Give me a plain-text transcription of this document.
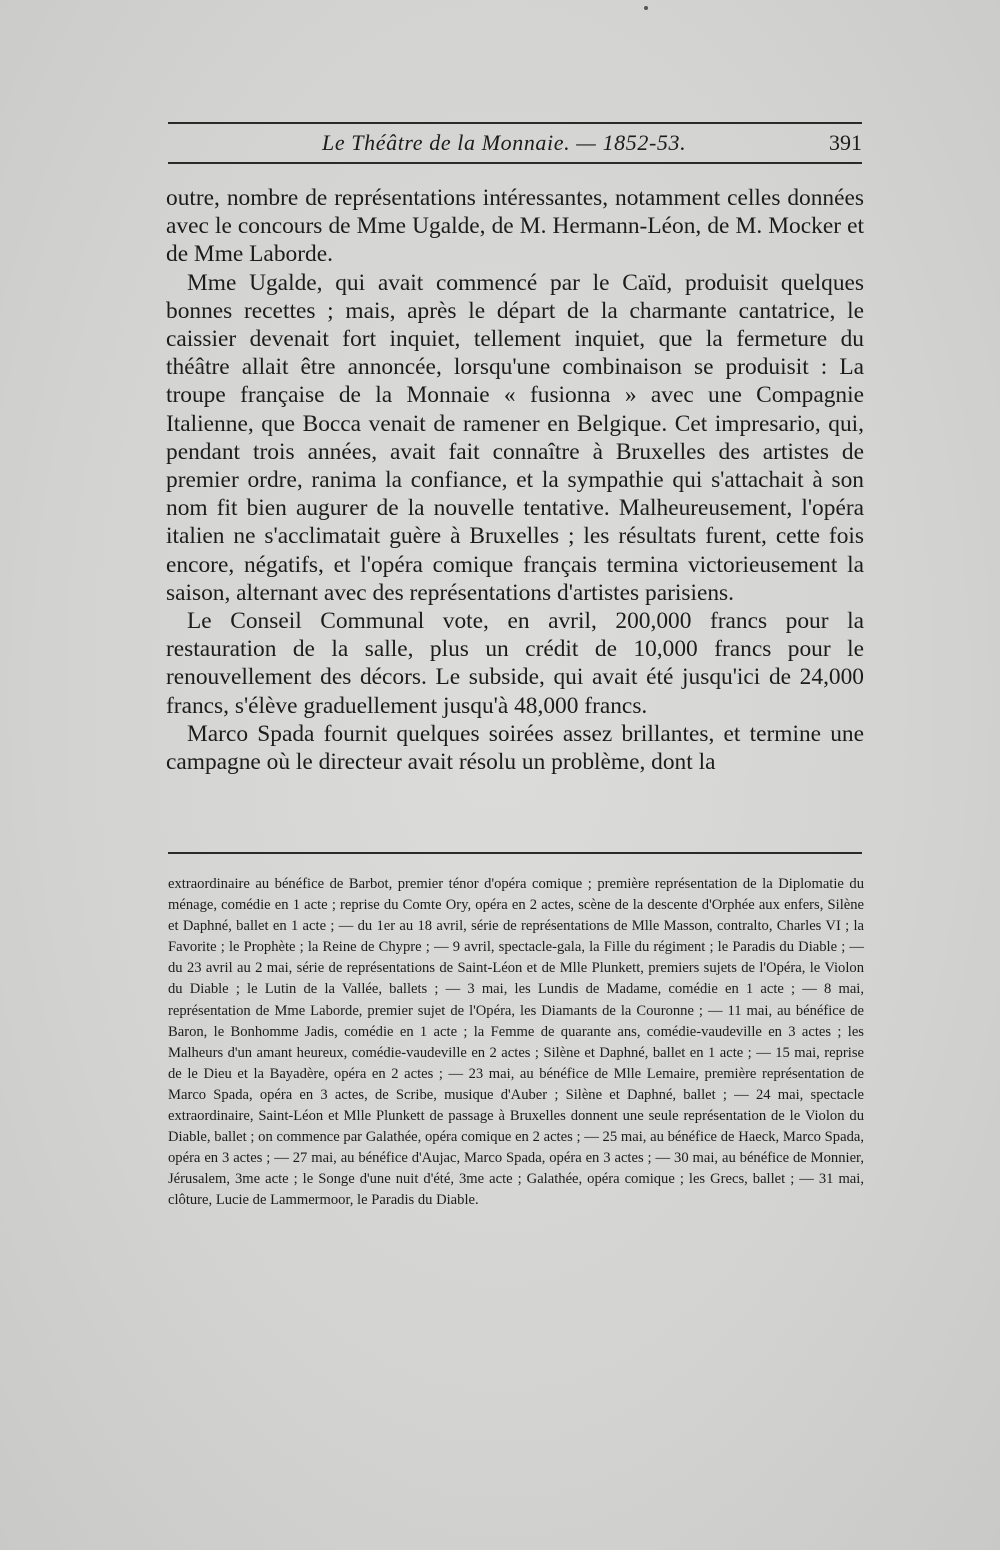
Le Théâtre de la Monnaie. — 1852-53.	391

outre, nombre de représentations intéressantes, notamment celles données avec le concours de Mme Ugalde, de M. Hermann-Léon, de M. Mocker et de Mme Laborde.

Mme Ugalde, qui avait commencé par le Caïd, produisit quelques bonnes recettes ; mais, après le départ de la charmante cantatrice, le caissier devenait fort inquiet, tellement inquiet, que la fermeture du théâtre allait être annoncée, lorsqu'une combinaison se produisit : La troupe française de la Monnaie « fusionna » avec une Compagnie Italienne, que Bocca venait de ramener en Belgique. Cet impresario, qui, pendant trois années, avait fait connaître à Bruxelles des artistes de premier ordre, ranima la confiance, et la sympathie qui s'attachait à son nom fit bien augurer de la nouvelle tentative. Malheureusement, l'opéra italien ne s'acclimatait guère à Bruxelles ; les résultats furent, cette fois encore, négatifs, et l'opéra comique français termina victorieusement la saison, alternant avec des représentations d'artistes parisiens.

Le Conseil Communal vote, en avril, 200,000 francs pour la restauration de la salle, plus un crédit de 10,000 francs pour le renouvellement des décors. Le subside, qui avait été jusqu'ici de 24,000 francs, s'élève graduellement jusqu'à 48,000 francs.

Marco Spada fournit quelques soirées assez brillantes, et termine une campagne où le directeur avait résolu un problème, dont la

extraordinaire au bénéfice de Barbot, premier ténor d'opéra comique ; première représentation de la Diplomatie du ménage, comédie en 1 acte ; reprise du Comte Ory, opéra en 2 actes, scène de la descente d'Orphée aux enfers, Silène et Daphné, ballet en 1 acte ; — du 1er au 18 avril, série de représentations de Mlle Masson, contralto, Charles VI ; la Favorite ; le Prophète ; la Reine de Chypre ; — 9 avril, spectacle-gala, la Fille du régiment ; le Paradis du Diable ; — du 23 avril au 2 mai, série de représentations de Saint-Léon et de Mlle Plunkett, premiers sujets de l'Opéra, le Violon du Diable ; le Lutin de la Vallée, ballets ; — 3 mai, les Lundis de Madame, comédie en 1 acte ; — 8 mai, représentation de Mme Laborde, premier sujet de l'Opéra, les Diamants de la Couronne ; — 11 mai, au bénéfice de Baron, le Bonhomme Jadis, comédie en 1 acte ; la Femme de quarante ans, comédie-vaudeville en 3 actes ; les Malheurs d'un amant heureux, comédie-vaudeville en 2 actes ; Silène et Daphné, ballet en 1 acte ; — 15 mai, reprise de le Dieu et la Bayadère, opéra en 2 actes ; — 23 mai, au bénéfice de Mlle Lemaire, première représentation de Marco Spada, opéra en 3 actes, de Scribe, musique d'Auber ; Silène et Daphné, ballet ; — 24 mai, spectacle extraordinaire, Saint-Léon et Mlle Plunkett de passage à Bruxelles donnent une seule représentation de le Violon du Diable, ballet ; on commence par Galathée, opéra comique en 2 actes ; — 25 mai, au bénéfice de Haeck, Marco Spada, opéra en 3 actes ; — 27 mai, au bénéfice d'Aujac, Marco Spada, opéra en 3 actes ; — 30 mai, au bénéfice de Monnier, Jérusalem, 3me acte ; le Songe d'une nuit d'été, 3me acte ; Galathée, opéra comique ; les Grecs, ballet ; — 31 mai, clôture, Lucie de Lammermoor, le Paradis du Diable.
